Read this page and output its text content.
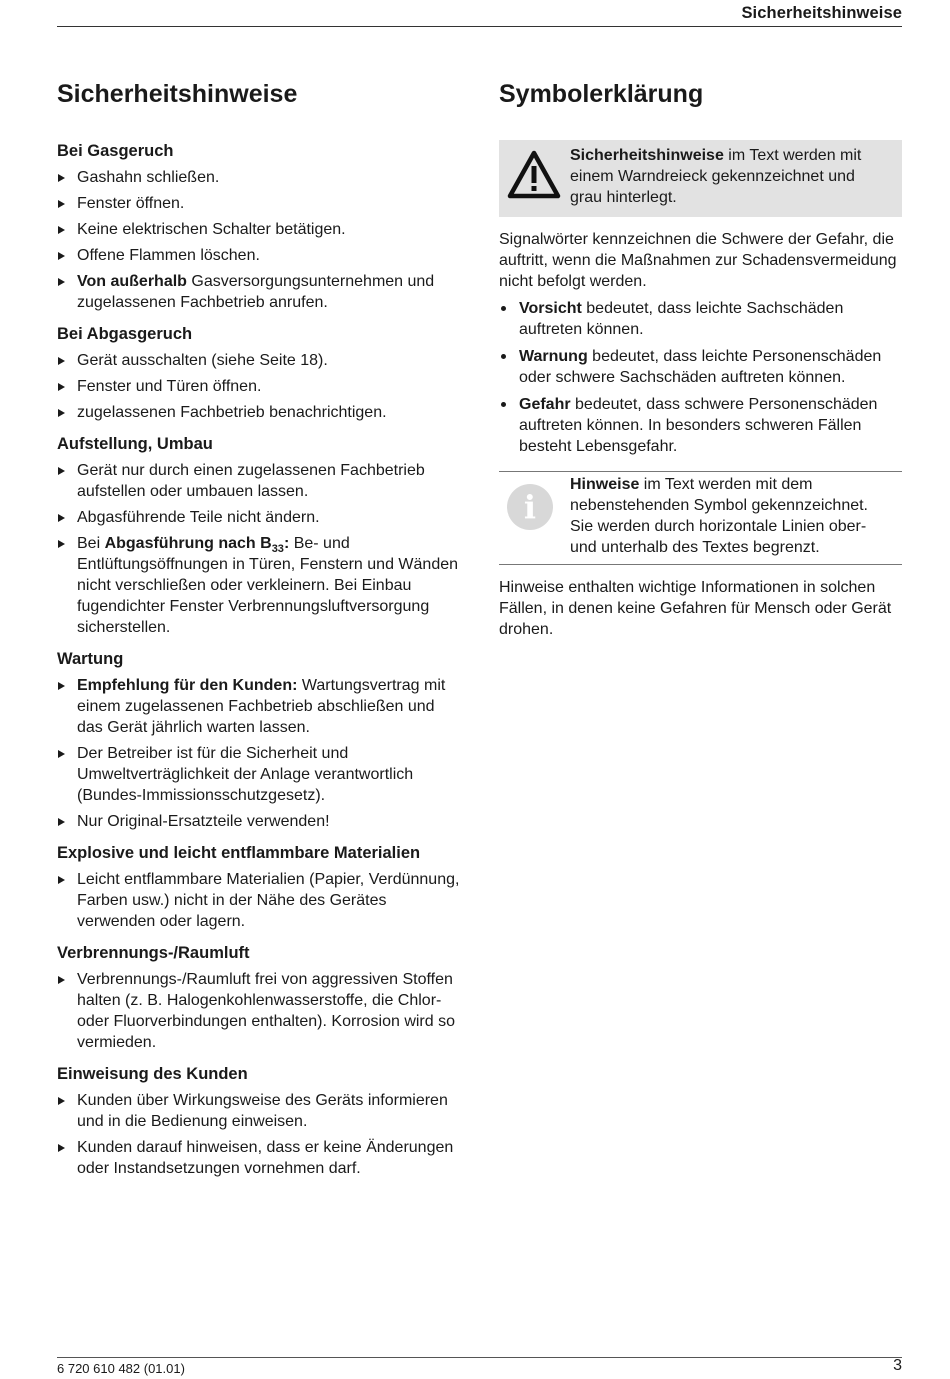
Sicherheitshinweise
Sicherheitshinweise
Bei Gasgeruch
Gashahn schließen.
Fenster öffnen.
Keine elektrischen Schalter betätigen.
Offene Flammen löschen.
Von außerhalb Gasversorgungsunternehmen und zugelassenen Fachbetrieb anrufen.
Bei Abgasgeruch
Gerät ausschalten (siehe Seite 18).
Fenster und Türen öffnen.
zugelassenen Fachbetrieb benachrichtigen.
Aufstellung, Umbau
Gerät nur durch einen zugelassenen Fachbetrieb aufstellen oder umbauen lassen.
Abgasführende Teile nicht ändern.
Bei Abgasführung nach $B_{33}$: Be- und Entlüftungsöffnungen in Türen, Fenstern und Wänden nicht verschließen oder verkleinern. Bei Einbau fugendichter Fenster Verbrennungsluftversorgung sicherstellen.
Wartung
Empfehlung für den Kunden: Wartungsvertrag mit einem zugelassenen Fachbetrieb abschließen und das Gerät jährlich warten lassen.
Der Betreiber ist für die Sicherheit und Umweltverträglichkeit der Anlage verantwortlich (Bundes-Immissionsschutzgesetz).
Nur Original-Ersatzteile verwenden!
Explosive und leicht entflammbare Materialien
Leicht entflammbare Materialien (Papier, Verdünnung, Farben usw.) nicht in der Nähe des Gerätes verwenden oder lagern.
Verbrennungs-/Raumluft
Verbrennungs-/Raumluft frei von aggressiven Stoffen halten (z. B. Halogenkohlenwasserstoffe, die Chlor- oder Fluorverbindungen enthalten). Korrosion wird so vermieden.
Einweisung des Kunden
Kunden über Wirkungsweise des Geräts informieren und in die Bedienung einweisen.
Kunden darauf hinweisen, dass er keine Änderungen oder Instandsetzungen vornehmen darf.
Symbolerklärung
Sicherheitshinweise im Text werden mit einem Warndreieck gekennzeichnet und grau hinterlegt.

Signalwörter kennzeichnen die Schwere der Gefahr, die auftritt, wenn die Maßnahmen zur Schadensvermeidung nicht befolgt werden.

Vorsicht bedeutet, dass leichte Sachschäden auftreten können.
Warnung bedeutet, dass leichte Personenschäden oder schwere Sachschäden auftreten können.
Gefahr bedeutet, dass schwere Personenschäden auftreten können. In besonders schweren Fällen besteht Lebensgefahr.
i
Hinweise im Text werden mit dem nebenstehenden Symbol gekennzeichnet. Sie werden durch horizontale Linien ober- und unterhalb des Textes begrenzt.

Hinweise enthalten wichtige Informationen in solchen Fällen, in denen keine Gefahren für Mensch oder Gerät drohen.

6 720 610 482 (01.01)	3
